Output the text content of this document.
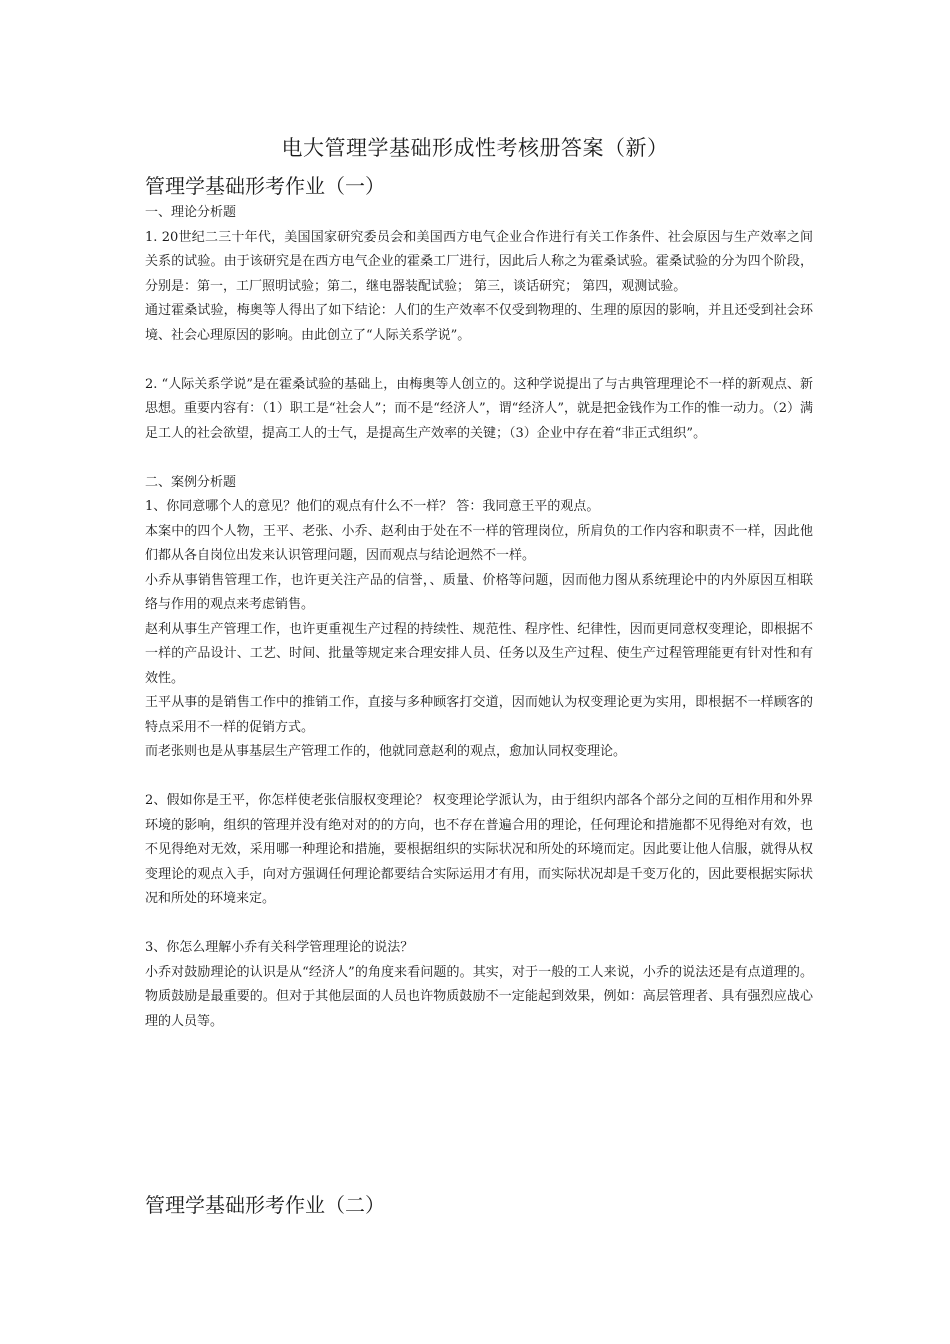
电大管理学基础形成性考核册答案（新）
管理学基础形考作业（一）

一、理论分析题

1. 20世纪二三十年代，美国国家研究委员会和美国西方电气企业合作进行有关工作条件、社会原因与生产效率之间关系的试验。由于该研究是在西方电气企业的霍桑工厂进行，因此后人称之为霍桑试验。霍桑试验的分为四个阶段，分别是：第一，工厂照明试验；第二，继电器装配试验； 第三，谈话研究； 第四，观测试验。

通过霍桑试验，梅奥等人得出了如下结论：人们的生产效率不仅受到物理的、生理的原因的影响，并且还受到社会环境、社会心理原因的影响。由此创立了“人际关系学说”。

2. “人际关系学说”是在霍桑试验的基础上，由梅奥等人创立的。这种学说提出了与古典管理理论不一样的新观点、新思想。重要内容有：（1）职工是“社会人”；而不是“经济人”，谓“经济人”，就是把金钱作为工作的惟一动力。（2）满足工人的社会欲望，提高工人的士气，是提高生产效率的关键；（3）企业中存在着“非正式组织”。

二、案例分析题

1、你同意哪个人的意见？他们的观点有什么不一样？ 答：我同意王平的观点。

本案中的四个人物，王平、老张、小乔、赵利由于处在不一样的管理岗位，所肩负的工作内容和职责不一样，因此他们都从各自岗位出发来认识管理问题，因而观点与结论迥然不一样。

小乔从事销售管理工作，也许更关注产品的信誉，、质量、价格等问题，因而他力图从系统理论中的内外原因互相联络与作用的观点来考虑销售。

赵利从事生产管理工作，也许更重视生产过程的持续性、规范性、程序性、纪律性，因而更同意权变理论，即根据不一样的产品设计、工艺、时间、批量等规定来合理安排人员、任务以及生产过程、使生产过程管理能更有针对性和有效性。

王平从事的是销售工作中的推销工作，直接与多种顾客打交道，因而她认为权变理论更为实用，即根据不一样顾客的特点采用不一样的促销方式。

而老张则也是从事基层生产管理工作的，他就同意赵利的观点，愈加认同权变理论。

2、假如你是王平，你怎样使老张信服权变理论？ 权变理论学派认为，由于组织内部各个部分之间的互相作用和外界环境的影响，组织的管理并没有绝对对的的方向，也不存在普遍合用的理论，任何理论和措施都不见得绝对有效，也不见得绝对无效，采用哪一种理论和措施，要根据组织的实际状况和所处的环境而定。因此要让他人信服，就得从权变理论的观点入手，向对方强调任何理论都要结合实际运用才有用，而实际状况却是千变万化的，因此要根据实际状况和所处的环境来定。

3、你怎么理解小乔有关科学管理理论的说法？

小乔对鼓励理论的认识是从“经济人”的角度来看问题的。其实，对于一般的工人来说，小乔的说法还是有点道理的。物质鼓励是最重要的。但对于其他层面的人员也许物质鼓励不一定能起到效果，例如：高层管理者、具有强烈应战心理的人员等。

管理学基础形考作业（二）
